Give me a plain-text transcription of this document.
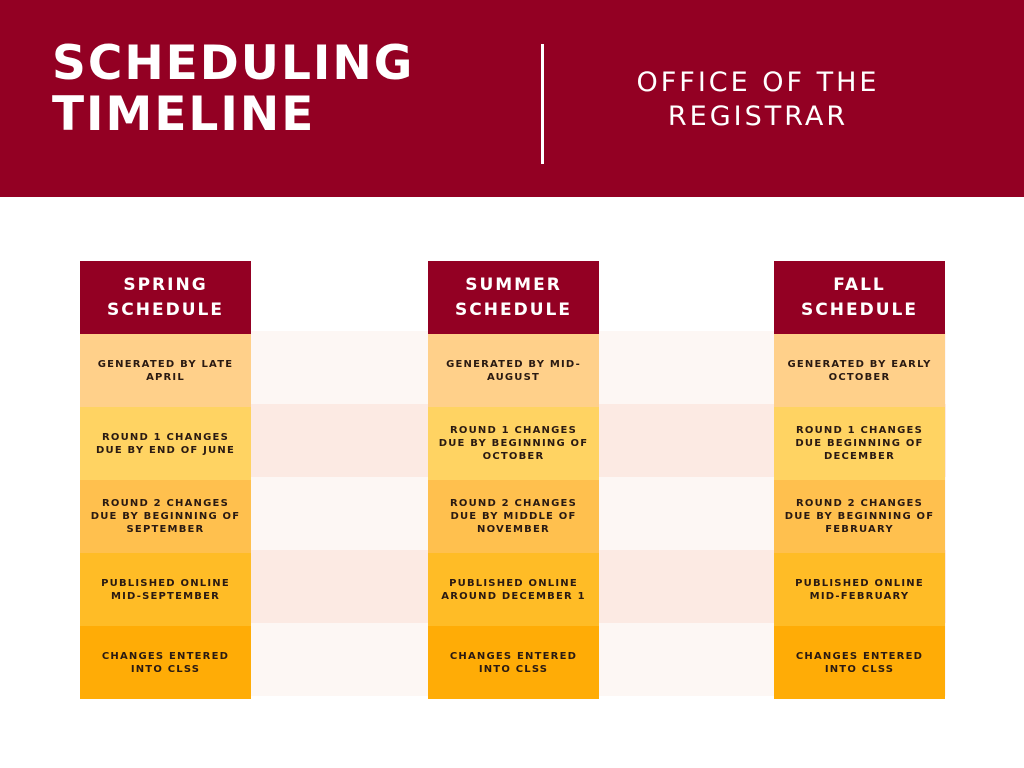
SCHEDULING
TIMELINE
OFFICE OF THE
REGISTRAR
SPRING
SCHEDULE
GENERATED BY LATE APRIL
ROUND 1 CHANGES DUE BY END OF JUNE
ROUND 2 CHANGES DUE BY BEGINNING OF SEPTEMBER
PUBLISHED ONLINE MID-SEPTEMBER
CHANGES ENTERED INTO CLSS
SUMMER
SCHEDULE
GENERATED BY MID-AUGUST
ROUND 1 CHANGES DUE BY BEGINNING OF OCTOBER
ROUND 2 CHANGES DUE BY MIDDLE OF NOVEMBER
PUBLISHED ONLINE AROUND DECEMBER 1
CHANGES ENTERED INTO CLSS
FALL
SCHEDULE
GENERATED BY EARLY OCTOBER
ROUND 1 CHANGES DUE BEGINNING OF DECEMBER
ROUND 2 CHANGES DUE BY BEGINNING OF FEBRUARY
PUBLISHED ONLINE MID-FEBRUARY
CHANGES ENTERED INTO CLSS
